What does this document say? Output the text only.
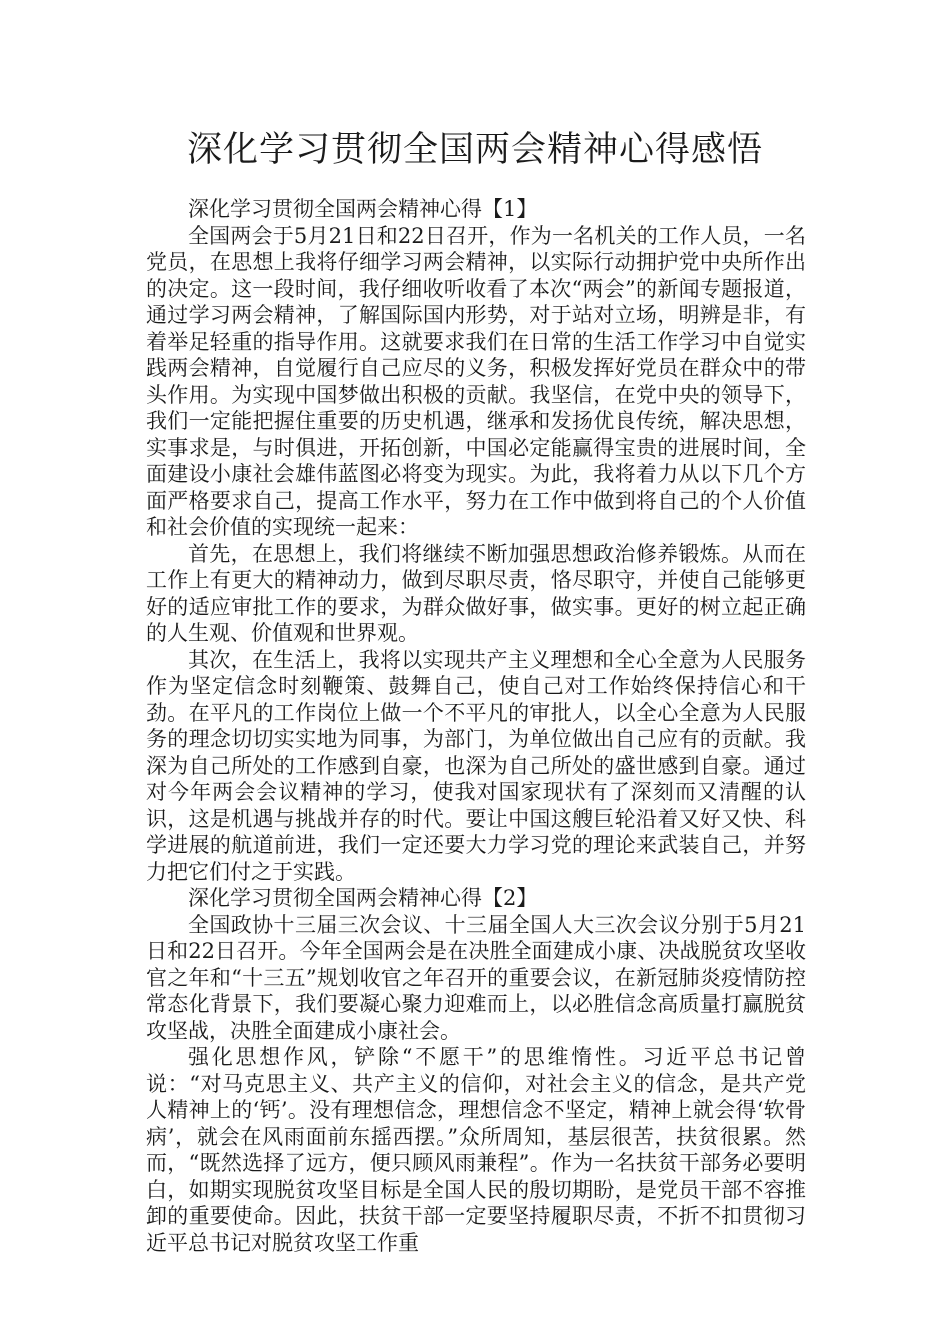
深化学习贯彻全国两会精神心得感悟

深化学习贯彻全国两会精神心得【1】

全国两会于5月21日和22日召开，作为一名机关的工作人员，一名党员，在思想上我将仔细学习两会精神，以实际行动拥护党中央所作出的决定。这一段时间，我仔细收听收看了本次“两会”的新闻专题报道，通过学习两会精神，了解国际国内形势，对于站对立场，明辨是非，有着举足轻重的指导作用。这就要求我们在日常的生活工作学习中自觉实践两会精神，自觉履行自己应尽的义务，积极发挥好党员在群众中的带头作用。为实现中国梦做出积极的贡献。我坚信，在党中央的领导下，我们一定能把握住重要的历史机遇，继承和发扬优良传统，解决思想，实事求是，与时俱进，开拓创新，中国必定能赢得宝贵的进展时间，全面建设小康社会雄伟蓝图必将变为现实。为此，我将着力从以下几个方面严格要求自己，提高工作水平，努力在工作中做到将自己的个人价值和社会价值的实现统一起来：

首先，在思想上，我们将继续不断加强思想政治修养锻炼。从而在工作上有更大的精神动力，做到尽职尽责，恪尽职守，并使自己能够更好的适应审批工作的要求，为群众做好事，做实事。更好的树立起正确的人生观、价值观和世界观。

其次，在生活上，我将以实现共产主义理想和全心全意为人民服务作为坚定信念时刻鞭策、鼓舞自己，使自己对工作始终保持信心和干劲。在平凡的工作岗位上做一个不平凡的审批人，以全心全意为人民服务的理念切切实实地为同事，为部门，为单位做出自己应有的贡献。我深为自己所处的工作感到自豪，也深为自己所处的盛世感到自豪。通过对今年两会会议精神的学习，使我对国家现状有了深刻而又清醒的认识，这是机遇与挑战并存的时代。要让中国这艘巨轮沿着又好又快、科学进展的航道前进，我们一定还要大力学习党的理论来武装自己，并努力把它们付之于实践。

深化学习贯彻全国两会精神心得【2】

全国政协十三届三次会议、十三届全国人大三次会议分别于5月21日和22日召开。今年全国两会是在决胜全面建成小康、决战脱贫攻坚收官之年和“十三五”规划收官之年召开的重要会议，在新冠肺炎疫情防控常态化背景下，我们要凝心聚力迎难而上，以必胜信念高质量打赢脱贫攻坚战，决胜全面建成小康社会。

强化思想作风，铲除“不愿干”的思维惰性。习近平总书记曾说：“对马克思主义、共产主义的信仰，对社会主义的信念，是共产党人精神上的‘钙’。没有理想信念，理想信念不坚定，精神上就会得‘软骨病’，就会在风雨面前东摇西摆。”众所周知，基层很苦，扶贫很累。然而，“既然选择了远方，便只顾风雨兼程”。作为一名扶贫干部务必要明白，如期实现脱贫攻坚目标是全国人民的殷切期盼，是党员干部不容推卸的重要使命。因此，扶贫干部一定要坚持履职尽责，不折不扣贯彻习近平总书记对脱贫攻坚工作重
